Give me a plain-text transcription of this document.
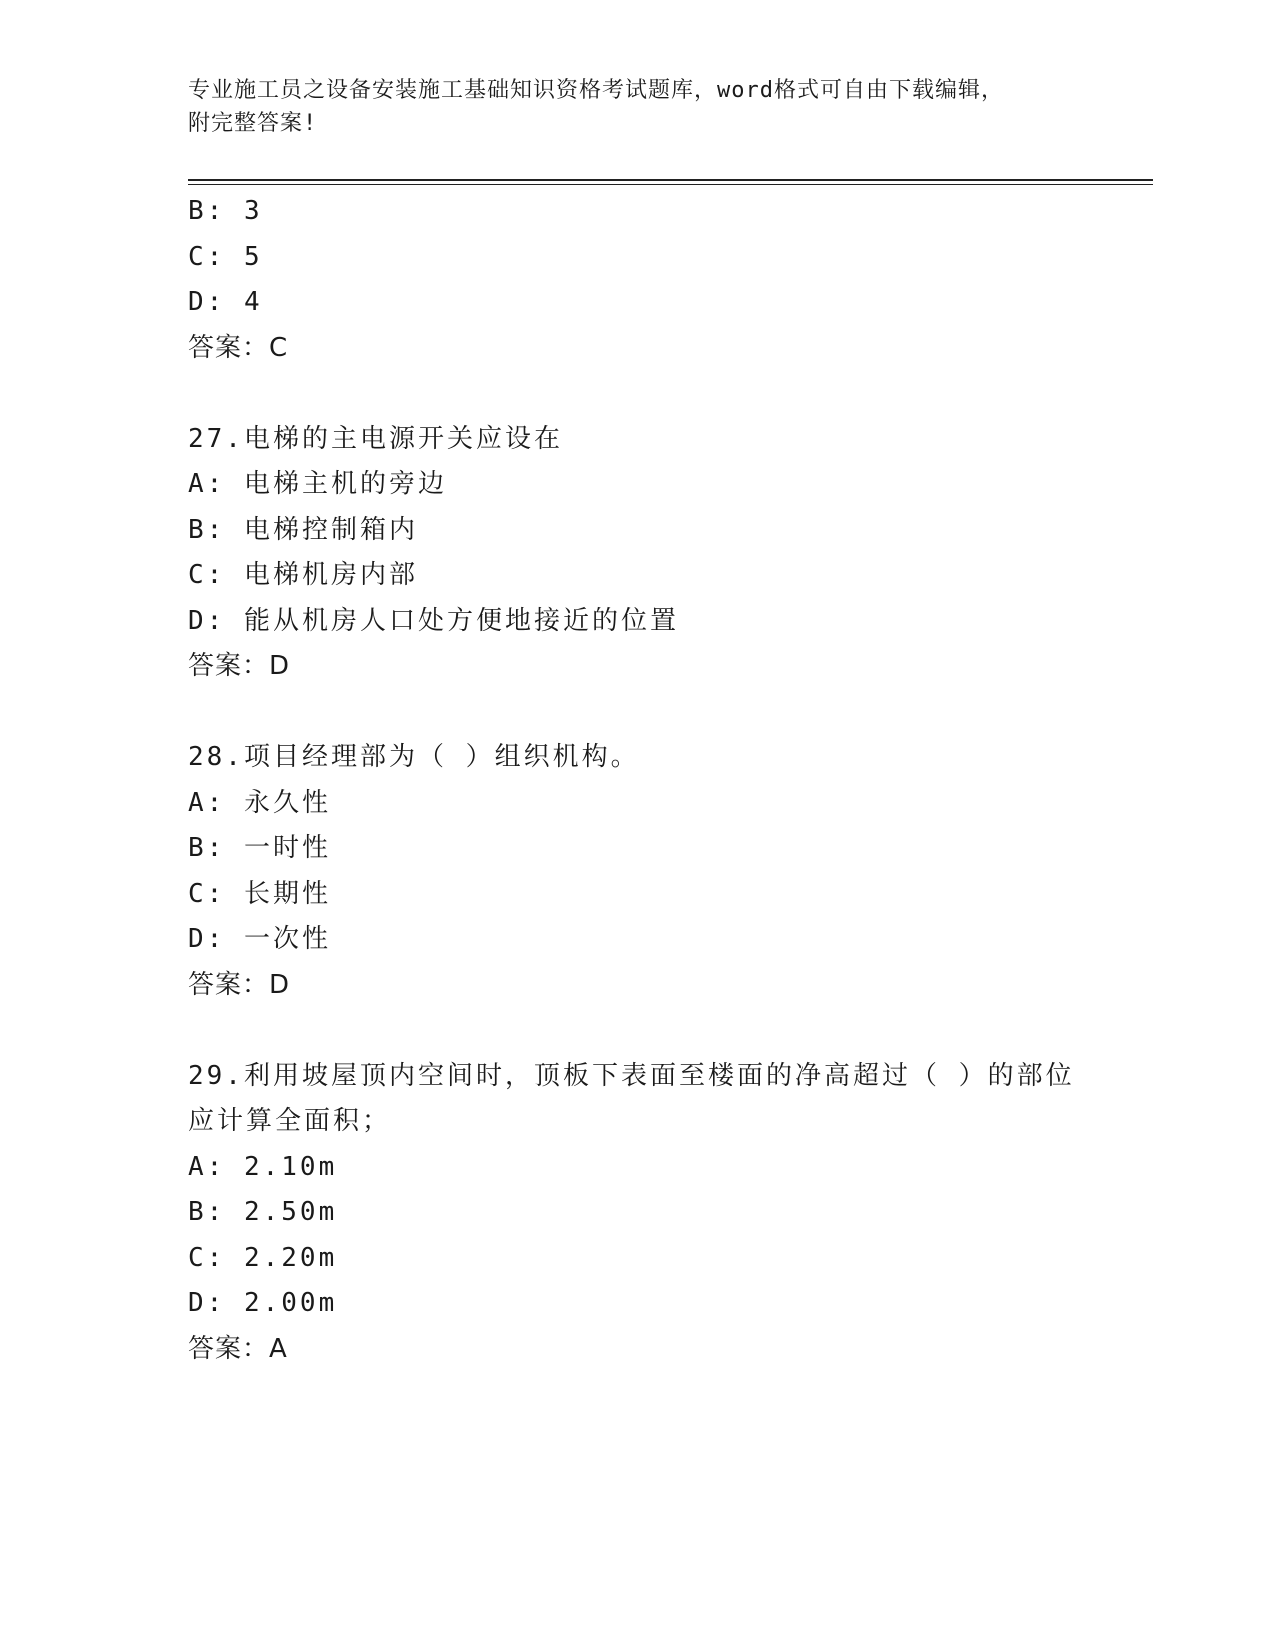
专业施工员之设备安装施工基础知识资格考试题库，word格式可自由下载编辑，
附完整答案!
B: 3
C: 5
D: 4
答案：C
27.电梯的主电源开关应设在
A: 电梯主机的旁边
B: 电梯控制箱内
C: 电梯机房内部
D: 能从机房人口处方便地接近的位置
答案：D
28.项目经理部为（ ）组织机构。
A: 永久性
B: 一时性
C: 长期性
D: 一次性
答案：D
29.利用坡屋顶内空间时，顶板下表面至楼面的净高超过（ ）的部位
应计算全面积；
A: 2.10m
B: 2.50m
C: 2.20m
D: 2.00m
答案：A
